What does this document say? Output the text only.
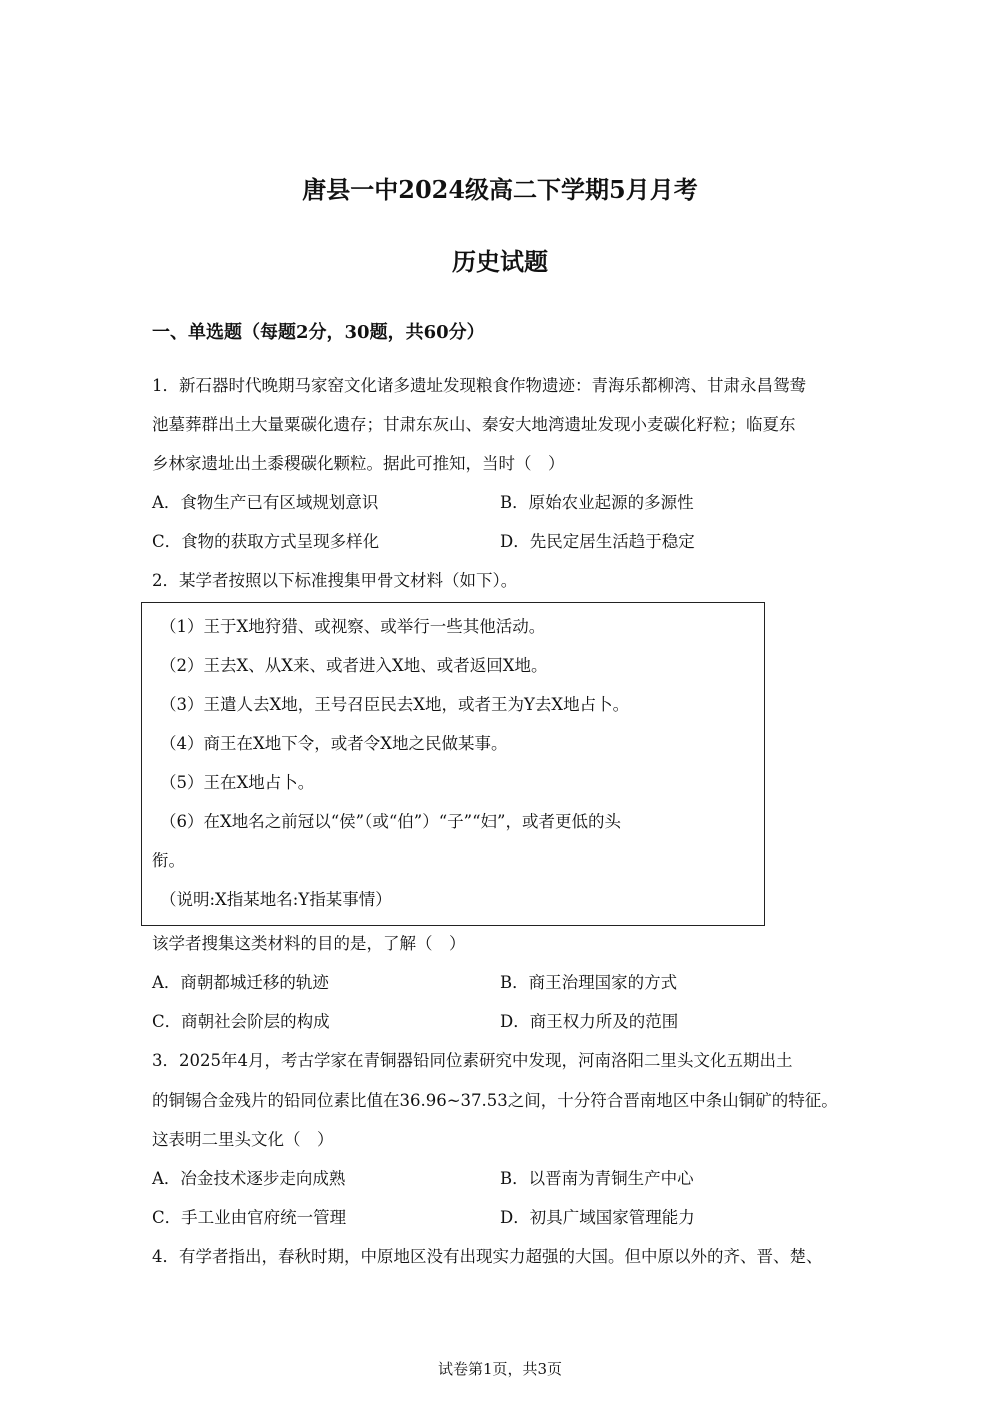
唐县一中2024级高二下学期5月月考
历史试题
一、单选题（每题2分，30题，共60分）
1．新石器时代晚期马家窑文化诸多遗址发现粮食作物遗迹：青海乐都柳湾、甘肃永昌鸳鸯
池墓葬群出土大量粟碳化遗存；甘肃东灰山、秦安大地湾遗址发现小麦碳化籽粒；临夏东
乡林家遗址出土黍稷碳化颗粒。据此可推知，当时（　）
A．食物生产已有区域规划意识	B．原始农业起源的多源性
C．食物的获取方式呈现多样化	D．先民定居生活趋于稳定
2．某学者按照以下标准搜集甲骨文材料（如下）。
（1）王于X地狩猎、或视察、或举行一些其他活动。
（2）王去X、从X来、或者进入X地、或者返回X地。
（3）王遣人去X地，王号召臣民去X地，或者王为Y去X地占卜。
（4）商王在X地下令，或者令X地之民做某事。
（5）王在X地占卜。
（6）在X地名之前冠以“侯”（或“伯”）“子”“妇”，或者更低的头
衔。
（说明:X指某地名:Y指某事情）
该学者搜集这类材料的目的是，了解（　）
A．商朝都城迁移的轨迹	B．商王治理国家的方式
C．商朝社会阶层的构成	D．商王权力所及的范围
3．2025年4月，考古学家在青铜器铅同位素研究中发现，河南洛阳二里头文化五期出土
的铜锡合金残片的铅同位素比值在36.96~37.53之间，十分符合晋南地区中条山铜矿的特征。
这表明二里头文化（　）
A．冶金技术逐步走向成熟	B．以晋南为青铜生产中心
C．手工业由官府统一管理	D．初具广域国家管理能力
4．有学者指出，春秋时期，中原地区没有出现实力超强的大国。但中原以外的齐、晋、楚、
试卷第1页，共3页
